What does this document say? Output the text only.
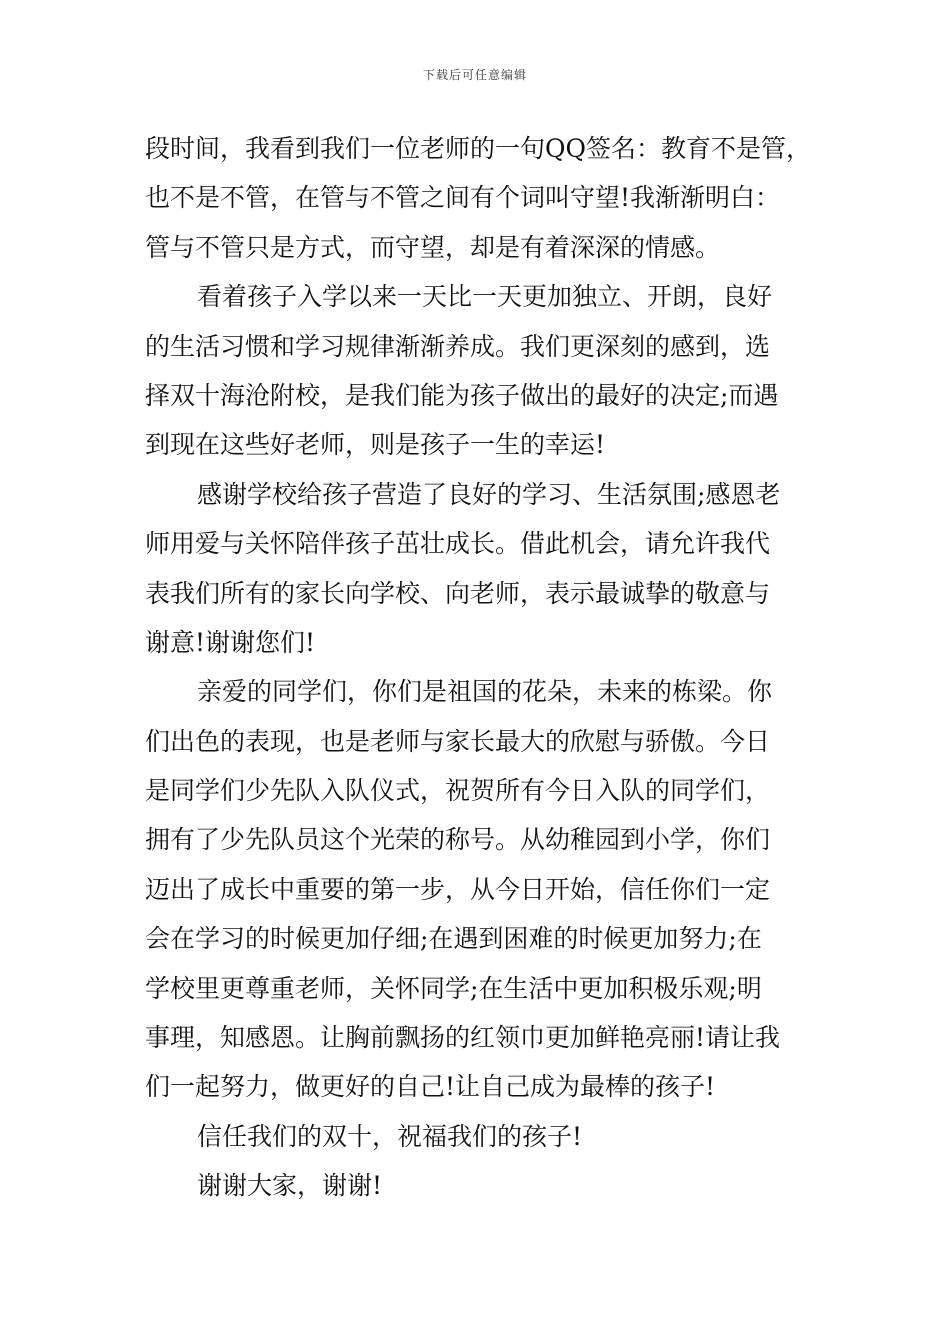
下载后可任意编辑
段时间，我看到我们一位老师的一句QQ签名：教育不是管，
也不是不管，在管与不管之间有个词叫守望!我渐渐明白：
管与不管只是方式，而守望，却是有着深深的情感。
看着孩子入学以来一天比一天更加独立、开朗，良好
的生活习惯和学习规律渐渐养成。我们更深刻的感到，选
择双十海沧附校，是我们能为孩子做出的最好的决定;而遇
到现在这些好老师，则是孩子一生的幸运!
感谢学校给孩子营造了良好的学习、生活氛围;感恩老
师用爱与关怀陪伴孩子茁壮成长。借此机会，请允许我代
表我们所有的家长向学校、向老师，表示最诚挚的敬意与
谢意!谢谢您们!
亲爱的同学们，你们是祖国的花朵，未来的栋梁。你
们出色的表现，也是老师与家长最大的欣慰与骄傲。今日
是同学们少先队入队仪式，祝贺所有今日入队的同学们，
拥有了少先队员这个光荣的称号。从幼稚园到小学，你们
迈出了成长中重要的第一步，从今日开始，信任你们一定
会在学习的时候更加仔细;在遇到困难的时候更加努力;在
学校里更尊重老师，关怀同学;在生活中更加积极乐观;明
事理，知感恩。让胸前飘扬的红领巾更加鲜艳亮丽!请让我
们一起努力，做更好的自己!让自己成为最棒的孩子!
信任我们的双十，祝福我们的孩子!
谢谢大家，谢谢!
